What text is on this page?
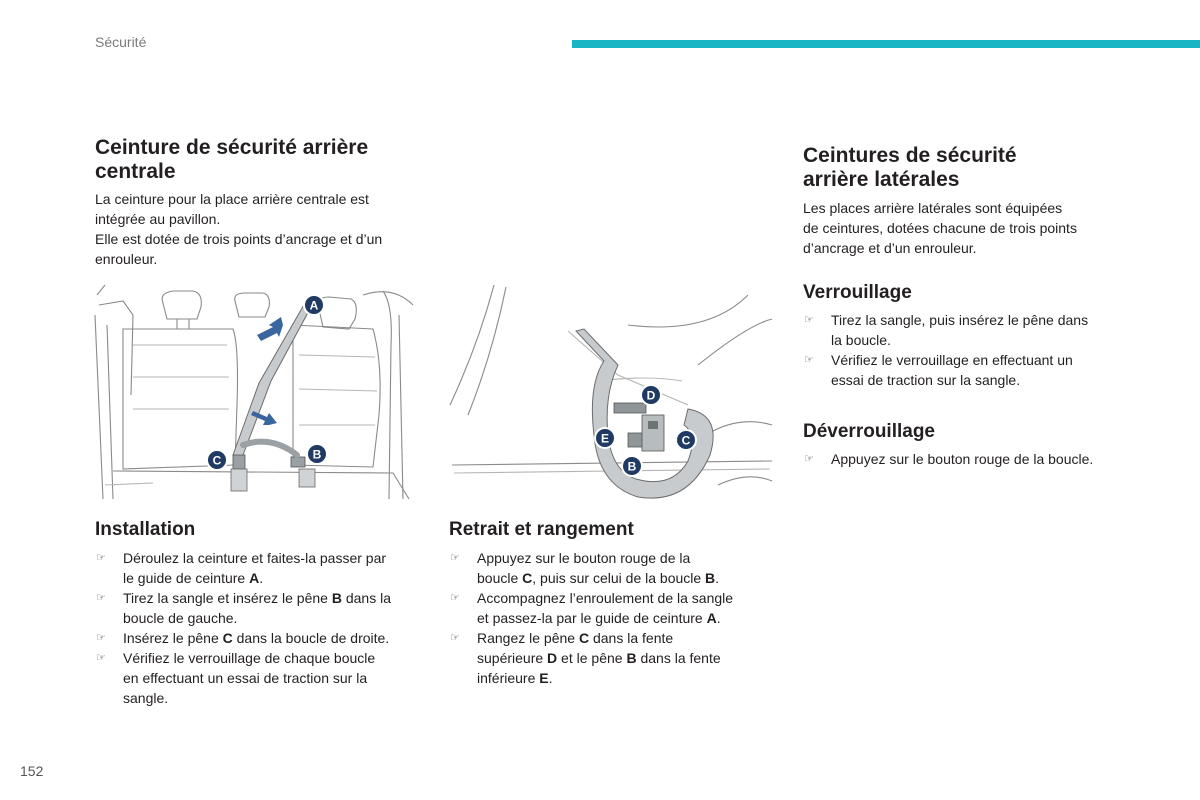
Sécurité
Ceinture de sécurité arrière
centrale

La ceinture pour la place arrière centrale est
intégrée au pavillon.
Elle est dotée de trois points d’ancrage et d’un
enrouleur.

A
B
C
D
E	C
B
Installation
☞ Déroulez la ceinture et faites-la passer par
le guide de ceinture A.
☞ Tirez la sangle et insérez le pêne B dans la
boucle de gauche.
☞ Insérez le pêne C dans la boucle de droite.
☞ Vérifiez le verrouillage de chaque boucle
en effectuant un essai de traction sur la
sangle.
Retrait et rangement
☞ Appuyez sur le bouton rouge de la
boucle C, puis sur celui de la boucle B.
☞ Accompagnez l’enroulement de la sangle
et passez-la par le guide de ceinture A.
☞ Rangez le pêne C dans la fente
supérieure D et le pêne B dans la fente
inférieure E.
Ceintures de sécurité
arrière latérales

Les places arrière latérales sont équipées
de ceintures, dotées chacune de trois points
d’ancrage et d’un enrouleur.

Verrouillage
☞ Tirez la sangle, puis insérez le pêne dans
la boucle.
☞ Vérifiez le verrouillage en effectuant un
essai de traction sur la sangle.
Déverrouillage
☞ Appuyez sur le bouton rouge de la boucle.
152
